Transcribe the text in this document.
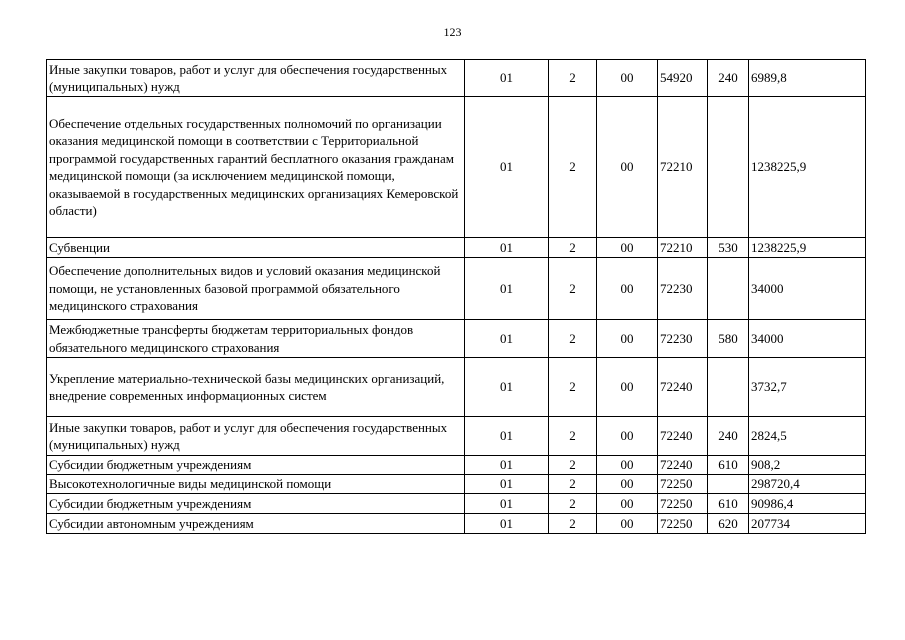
123
Иные закупки товаров, работ и услуг для обеспечения государственных (муниципальных) нужд	01	2	00	54920	240	6989,8
Обеспечение отдельных государственных полномочий по организации оказания медицинской помощи в соответствии с Территориальной программой государственных гарантий бесплатного оказания гражданам медицинской помощи (за исключением медицинской помощи, оказываемой в государственных медицинских организациях Кемеровской области)	01	2	00	72210		1238225,9
Субвенции	01	2	00	72210	530	1238225,9
Обеспечение дополнительных видов и условий оказания медицинской помощи, не установленных базовой программой обязательного медицинского страхования	01	2	00	72230		34000
Межбюджетные трансферты бюджетам территориальных фондов обязательного медицинского страхования	01	2	00	72230	580	34000
Укрепление материально-технической базы медицинских организаций, внедрение современных информационных систем	01	2	00	72240		3732,7
Иные закупки товаров, работ и услуг для обеспечения государственных (муниципальных) нужд	01	2	00	72240	240	2824,5
Субсидии бюджетным учреждениям	01	2	00	72240	610	908,2
Высокотехнологичные виды медицинской помощи	01	2	00	72250		298720,4
Субсидии бюджетным учреждениям	01	2	00	72250	610	90986,4
Субсидии автономным учреждениям	01	2	00	72250	620	207734
